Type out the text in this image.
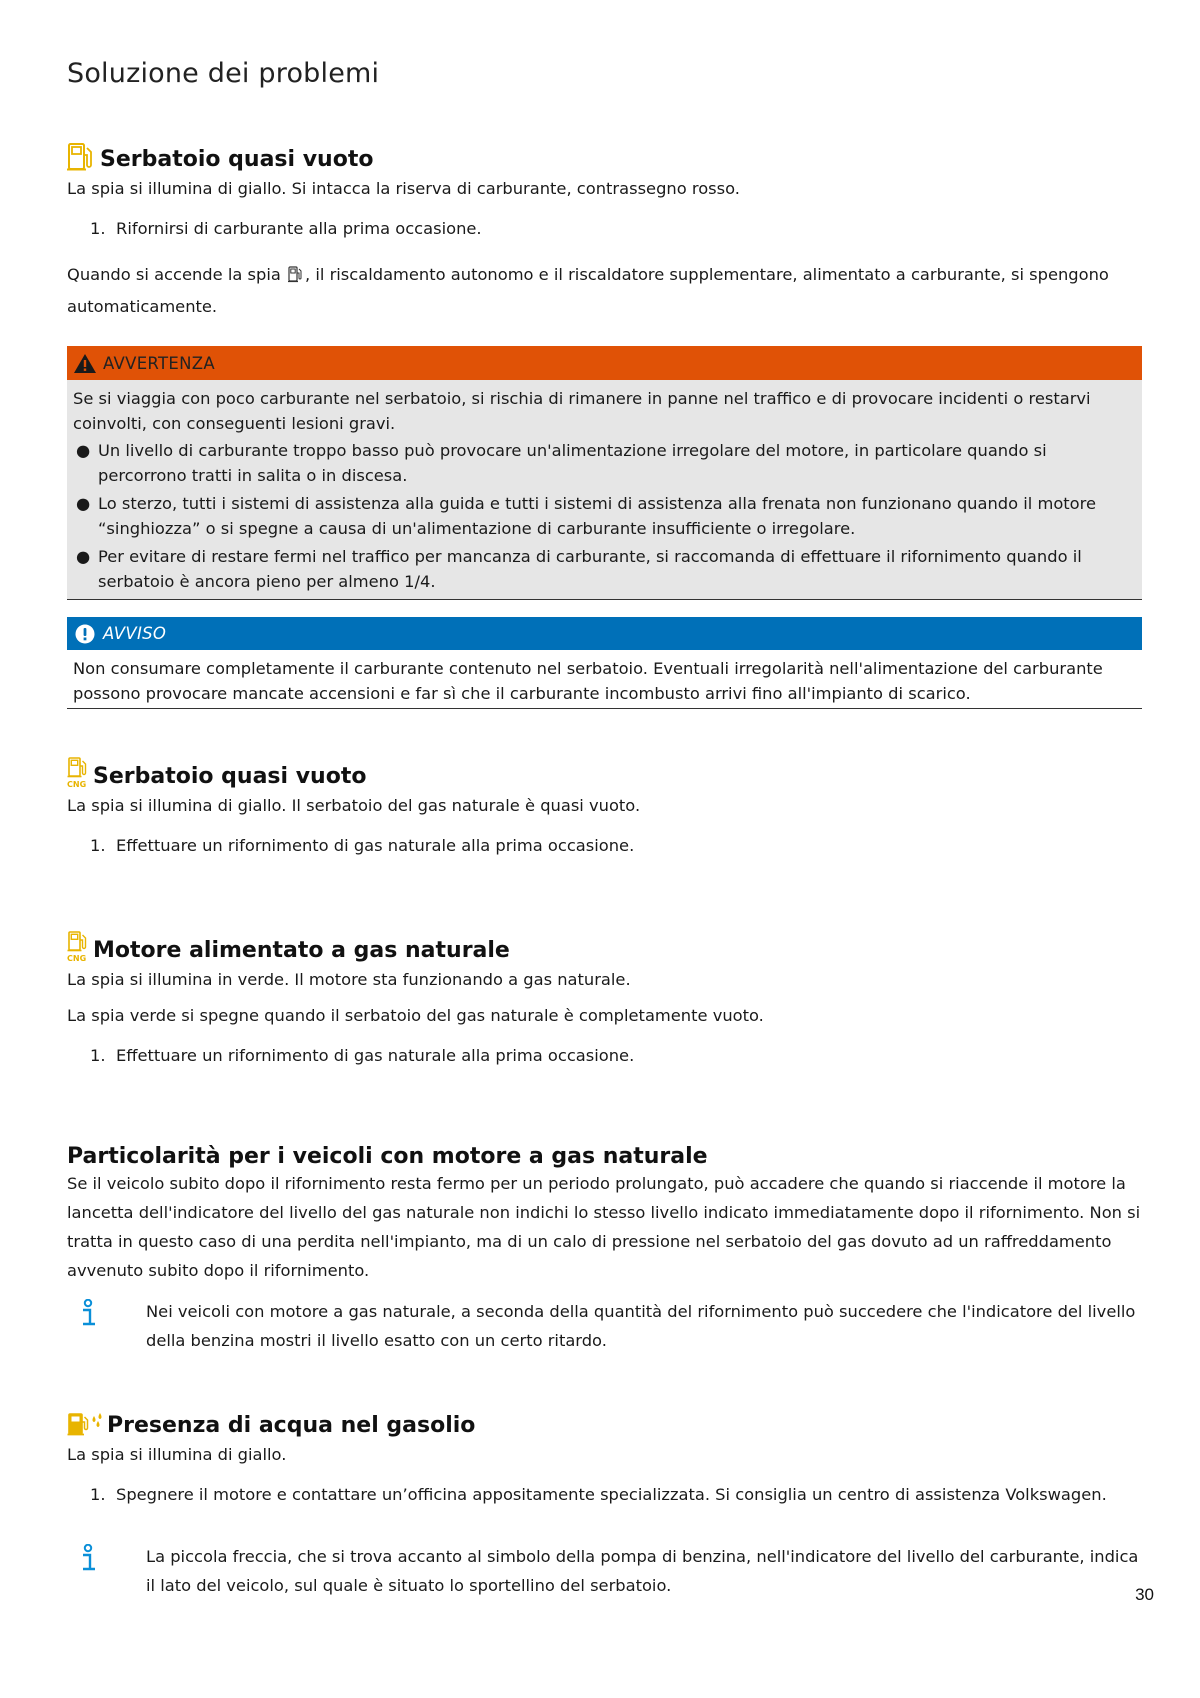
Soluzione dei problemi
Serbatoio quasi vuoto

La spia si illumina di giallo. Si intacca la riserva di carburante, contrassegno rosso.

1. Rifornirsi di carburante alla prima occasione.

Quando si accende la spia , il riscaldamento autonomo e il riscaldatore supplementare, alimentato a carburante, si spengono automaticamente.

AVVERTENZA
Se si viaggia con poco carburante nel serbatoio, si rischia di rimanere in panne nel traffico e di provocare incidenti o restarvi coinvolti, con conseguenti lesioni gravi.
● Un livello di carburante troppo basso può provocare un'alimentazione irregolare del motore, in particolare quando si percorrono tratti in salita o in discesa.
● Lo sterzo, tutti i sistemi di assistenza alla guida e tutti i sistemi di assistenza alla frenata non funzionano quando il motore “singhiozza” o si spegne a causa di un'alimentazione di carburante insufficiente o irregolare.
● Per evitare di restare fermi nel traffico per mancanza di carburante, si raccomanda di effettuare il rifornimento quando il serbatoio è ancora pieno per almeno 1/4.
AVVISO
Non consumare completamente il carburante contenuto nel serbatoio. Eventuali irregolarità nell'alimentazione del carburante possono provocare mancate accensioni e far sì che il carburante incombusto arrivi fino all'impianto di scarico.
CNG Serbatoio quasi vuoto

La spia si illumina di giallo. Il serbatoio del gas naturale è quasi vuoto.

1. Effettuare un rifornimento di gas naturale alla prima occasione.

CNG Motore alimentato a gas naturale

La spia si illumina in verde. Il motore sta funzionando a gas naturale.

La spia verde si spegne quando il serbatoio del gas naturale è completamente vuoto.

1. Effettuare un rifornimento di gas naturale alla prima occasione.

Particolarità per i veicoli con motore a gas naturale

Se il veicolo subito dopo il rifornimento resta fermo per un periodo prolungato, può accadere che quando si riaccende il motore la lancetta dell'indicatore del livello del gas naturale non indichi lo stesso livello indicato immediatamente dopo il rifornimento. Non si tratta in questo caso di una perdita nell'impianto, ma di un calo di pressione nel serbatoio del gas dovuto ad un raffreddamento avvenuto subito dopo il rifornimento.

Nei veicoli con motore a gas naturale, a seconda della quantità del rifornimento può succedere che l'indicatore del livello della benzina mostri il livello esatto con un certo ritardo.
Presenza di acqua nel gasolio

La spia si illumina di giallo.

1. Spegnere il motore e contattare un’officina appositamente specializzata. Si consiglia un centro di assistenza Volkswagen.

La piccola freccia, che si trova accanto al simbolo della pompa di benzina, nell'indicatore del livello del carburante, indica il lato del veicolo, sul quale è situato lo sportellino del serbatoio.	30
